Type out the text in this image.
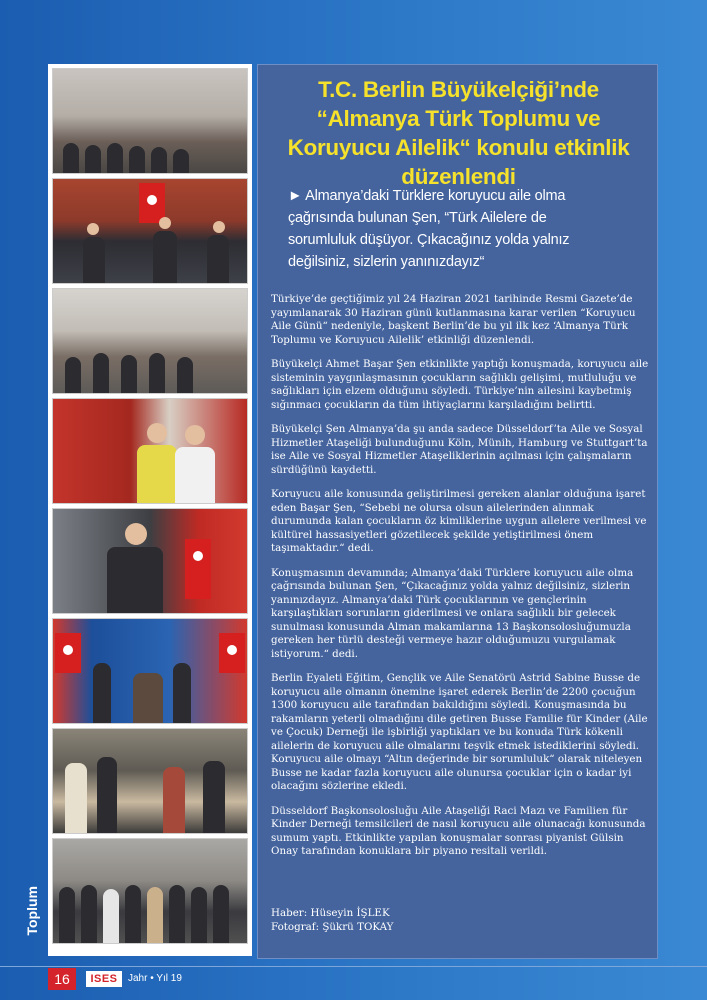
Toplum
T.C. Berlin Büyükelçiği’nde “Almanya Türk Toplumu ve Koruyucu Ailelik“ konulu etkinlik düzenlendi

► Almanya’daki Türklere koruyucu aile olma çağrısında bulunan Şen, “Türk Ailelere de sorumluluk düşüyor. Çıkacağınız yolda yalnız değilsiniz, sizlerin yanınızdayız“

Türkiye’de geçtiğimiz yıl 24 Haziran 2021 tarihinde Resmi Gazete’de yayımlanarak 30 Haziran günü kutlanmasına karar verilen “Koruyucu Aile Günü“ nedeniyle, başkent Berlin’de bu yıl ilk kez ‘Almanya Türk Toplumu ve Koruyucu Ailelik’ etkinliği düzenlendi.

Büyükelçi Ahmet Başar Şen etkinlikte yaptığı konuşmada, koruyucu aile sisteminin yaygınlaşmasının çocukların sağlıklı gelişimi, mutluluğu ve sağlıkları için elzem olduğunu söyledi. Türkiye’nin ailesini kaybetmiş sığınmacı çocukların da tüm ihtiyaçlarını karşıladığını belirtti.

Büyükelçi Şen Almanya’da şu anda sadece Düsseldorf’ta Aile ve Sosyal Hizmetler Ataşeliği bulunduğunu Köln, Münih, Hamburg ve Stuttgart’ta ise Aile ve Sosyal Hizmetler Ataşeliklerinin açılması için çalışmaların sürdüğünü kaydetti.

Koruyucu aile konusunda geliştirilmesi gereken alanlar olduğuna işaret eden Başar Şen, “Sebebi ne olursa olsun ailelerinden alınmak durumunda kalan çocukların öz kimliklerine uygun ailelere verilmesi ve kültürel hassasiyetleri gözetilecek şekilde yetiştirilmesi önem taşımaktadır.“ dedi.

Konuşmasının devamında; Almanya’daki Türklere koruyucu aile olma çağrısında bulunan Şen, “Çıkacağınız yolda yalnız değilsiniz, sizlerin yanınızdayız. Almanya’daki Türk çocuklarının ve gençlerinin karşılaştıkları sorunların giderilmesi ve onlara sağlıklı bir gelecek sunulması konusunda Alman makamlarına 13 Başkonsolosluğumuzla gereken her türlü desteği vermeye hazır olduğumuzu vurgulamak istiyorum.“ dedi.

Berlin Eyaleti Eğitim, Gençlik ve Aile Senatörü Astrid Sabine Busse de koruyucu aile olmanın önemine işaret ederek Berlin’de 2200 çocuğun 1300 koruyucu aile tarafından bakıldığını söyledi. Konuşmasında bu rakamların yeterli olmadığını dile getiren Busse Familie für Kinder (Aile ve Çocuk) Derneği ile işbirliği yaptıkları ve bu konuda Türk kökenli ailelerin de koruyucu aile olmalarını teşvik etmek istediklerini söyledi. Koruyucu aile olmayı “Altın değerinde bir sorumluluk“ olarak niteleyen Busse ne kadar fazla koruyucu aile olunursa çocuklar için o kadar iyi olacağını sözlerine ekledi.

Düsseldorf Başkonsolosluğu Aile Ataşeliği Raci Mazı ve Familien für Kinder Derneği temsilcileri de nasıl koruyucu aile olunacağı konusunda sumum yaptı. Etkinlikte yapılan konuşmalar sonrası piyanist Gülsin Onay tarafından konuklara bir piyano resitali verildi.

Haber: Hüseyin İŞLEK
Fotograf: Şükrü TOKAY
16	ISES	Jahr • Yıl 19
